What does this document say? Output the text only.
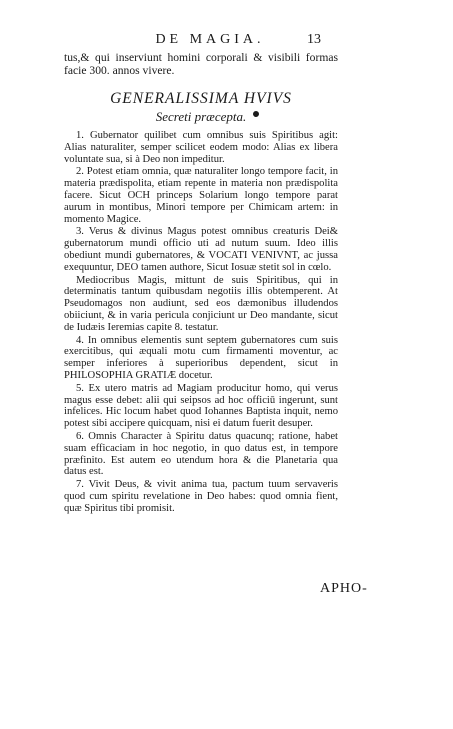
DE MAGIA.	13

tus,& qui inserviunt homini corporali & visibili formas facie 300. annos vivere.

GENERALISSIMA HVIVS
Secreti præcepta.

1. Gubernator quilibet cum omnibus suis Spiritibus agit: Alias naturaliter, semper scilicet eodem modo: Alias ex libera voluntate sua, si à Deo non impeditur.

2. Potest etiam omnia, quæ naturaliter longo tempore facit, in materia prædispolita, etiam repente in materia non prædispolita facere. Sicut OCH princeps Solarium longo tempore parat aurum in montibus, Minori tempore per Chimicam artem: in momento Magice.

3. Verus & divinus Magus potest omnibus creaturis Dei& gubernatorum mundi officio uti ad nutum suum. Ideo illis obediunt mundi gubernatores, & VOCATI VENIVNT, ac jussa exequuntur, DEO tamen authore, Sicut Iosuæ stetit sol in cœlo.

Mediocribus Magis, mittunt de suis Spiritibus, qui in determinatis tantum quibusdam negotiis illis obtemperent. At Pseudomagos non audiunt, sed eos dæmonibus illudendos obiiciunt, & in varia pericula conjiciunt ur Deo mandante, sicut de Iudæis Ieremias capite 8. testatur.

4. In omnibus elementis sunt septem gubernatores cum suis exercitibus, qui æquali motu cum firmamenti moventur, ac semper inferiores à superioribus dependent, sicut in PHILOSOPHIA GRATIÆ docetur.

5. Ex utero matris ad Magiam producitur homo, qui verus magus esse debet: alii qui seipsos ad hoc officiū ingerunt, sunt infelices. Hic locum habet quod Iohannes Baptista inquit, nemo potest sibi accipere quicquam, nisi ei datum fuerit desuper.

6. Omnis Character à Spiritu datus quacunq; ratione, habet suam efficaciam in hoc negotio, in quo datus est, in tempore præfinito. Est autem eo utendum hora & die Planetaria qua datus est.

7. Vivit Deus, & vivit anima tua, pactum tuum servaveris quod cum spiritu revelatione in Deo habes: quod omnia fient, quæ Spiritus tibi promisit.

APHO-
